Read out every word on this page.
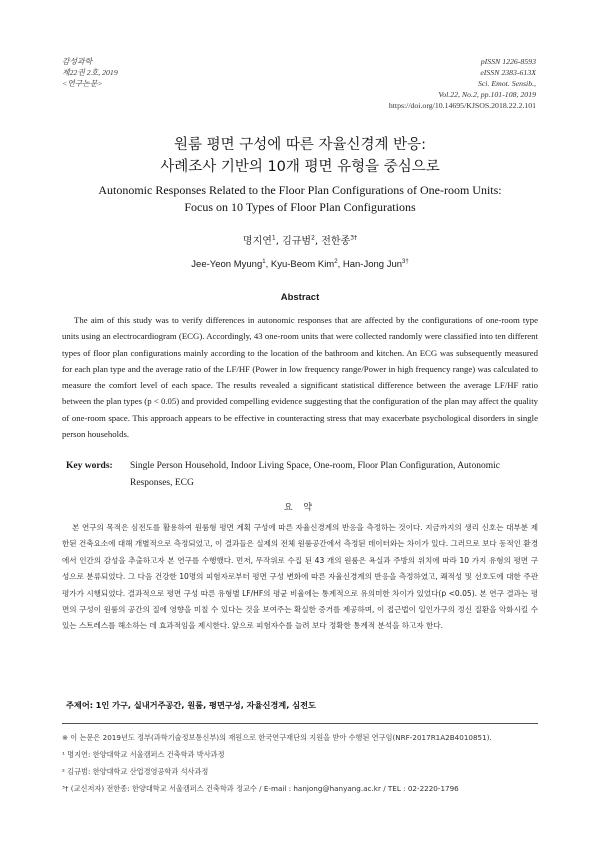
감성과학
제22권 2호, 2019
<연구논문>
pISSN 1226-8593
eISSN 2383-613X
Sci. Emot. Sensib.,
Vol.22, No.2, pp.101-108, 2019
https://doi.org/10.14695/KJSOS.2018.22.2.101
원룸 평면 구성에 따른 자율신경계 반응:
사례조사 기반의 10개 평면 유형을 중심으로
Autonomic Responses Related to the Floor Plan Configurations of One-room Units:
Focus on 10 Types of Floor Plan Configurations
명지연$^1$, 김규범$^2$, 전한종$^{3\dagger}$
Jee-Yeon Myung$^1$, Kyu-Beom Kim$^2$, Han-Jong Jun$^{3\dagger}$
Abstract

The aim of this study was to verify differences in autonomic responses that are affected by the configurations of one-room type units using an electrocardiogram (ECG). Accordingly, 43 one-room units that were collected randomly were classified into ten different types of floor plan configurations mainly according to the location of the bathroom and kitchen. An ECG was subsequently measured for each plan type and the average ratio of the LF/HF (Power in low frequency range/Power in high frequency range) was calculated to measure the comfort level of each space. The results revealed a significant statistical difference between the average LF/HF ratio between the plan types (p < 0.05) and provided compelling evidence suggesting that the configuration of the plan may affect the quality of one-room space. This approach appears to be effective in counteracting stress that may exacerbate psychological disorders in single person households.

Key words: Single Person Household, Indoor Living Space, One-room, Floor Plan Configuration, Autonomic Responses, ECG
요 약

본 연구의 목적은 심전도를 활용하여 원룸형 평면 계획 구성에 따른 자율신경계의 반응을 측정하는 것이다. 지금까지의 생리 신호는 대부분 제한된 건축요소에 대해 개별적으로 측정되었고, 이 결과들은 실제의 전체 원룸공간에서 측정된 데이터와는 차이가 있다. 그러므로 보다 동적인 환경에서 인간의 감성을 추출하고자 본 연구를 수행했다. 먼저, 무작위로 수집 된 43 개의 원룸은 욕실과 주방의 위치에 따라 10 가지 유형의 평면 구성으로 분류되었다. 그 다음 건강한 10명의 피험자로부터 평면 구성 변화에 따른 자율신경계의 반응을 측정하였고, 쾌적성 및 선호도에 대한 주관 평가가 시행되었다. 결과적으로 평면 구성 따른 유형별 LF/HF의 평균 비율에는 통계적으로 유의미한 차이가 있었다(p <0.05). 본 연구 결과는 평면의 구성이 원룸의 공간의 질에 영향을 미칠 수 있다는 것을 보여주는 확실한 증거를 제공하며, 이 접근법이 일인가구의 정신 질환을 악화시킬 수 있는 스트레스를 해소하는 데 효과적임을 제시한다. 앞으로 피험자수를 늘려 보다 정확한 통계적 분석을 하고자 한다.

주제어: 1인 가구, 실내거주공간, 원룸, 평면구성, 자율신경계, 심전도
※ 이 논문은 2019년도 정부(과학기술정보통신부)의 재원으로 한국연구재단의 지원을 받아 수행된 연구임(NRF-2017R1A2B4010851).
¹ 명지연: 한양대학교 서울캠퍼스 건축학과 박사과정
² 김규범: 한양대학교 산업경영공학과 석사과정
³† (교신저자) 전한종: 한양대학교 서울캠퍼스 건축학과 정교수 / E-mail : hanjong@hanyang.ac.kr / TEL : 02-2220-1796
